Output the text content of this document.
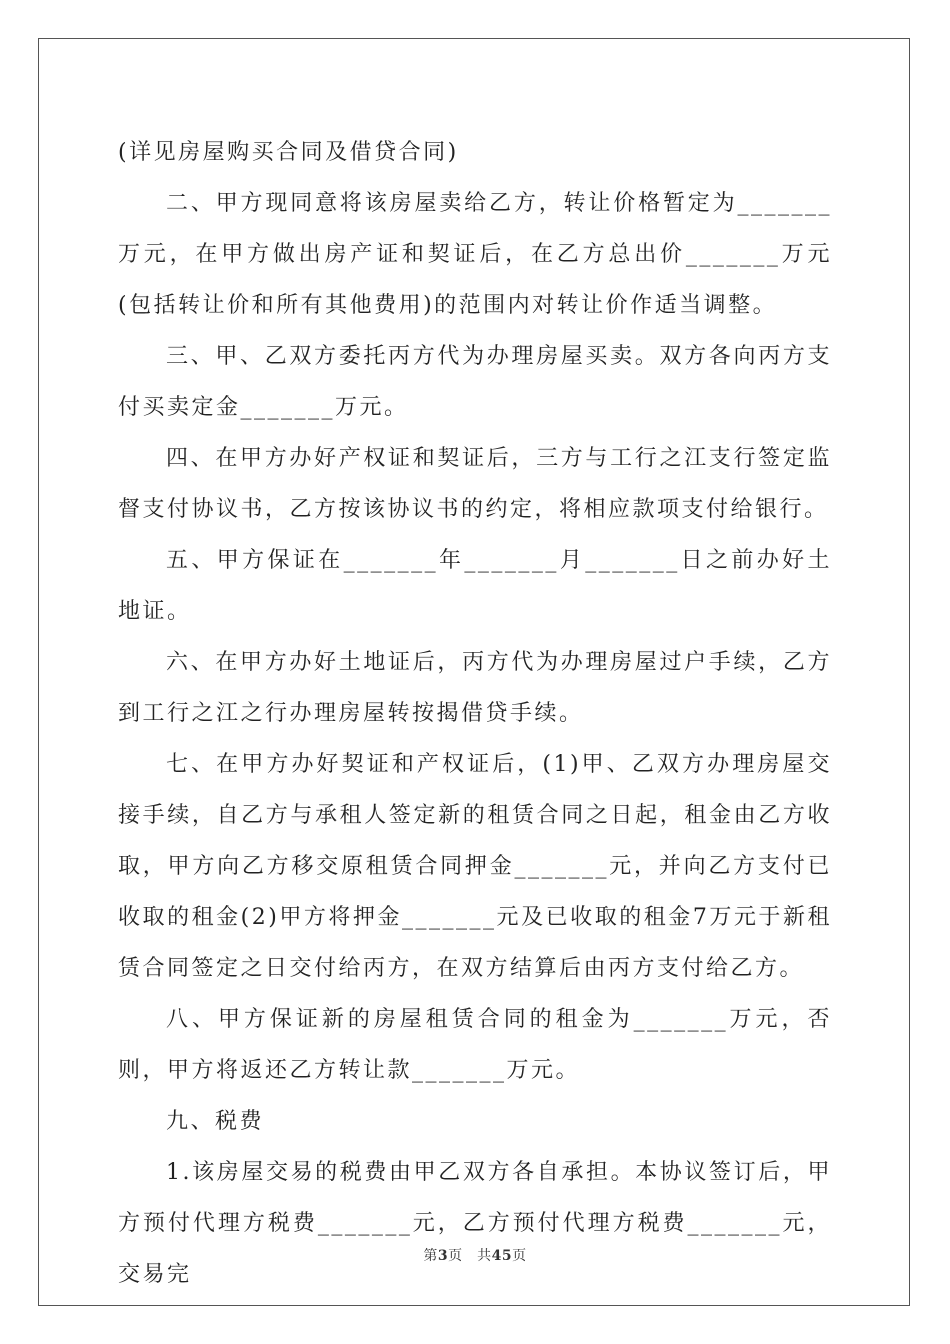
(详见房屋购买合同及借贷合同)

二、甲方现同意将该房屋卖给乙方，转让价格暂定为_______万元，在甲方做出房产证和契证后，在乙方总出价_______万元(包括转让价和所有其他费用)的范围内对转让价作适当调整。

三、甲、乙双方委托丙方代为办理房屋买卖。双方各向丙方支付买卖定金_______万元。

四、在甲方办好产权证和契证后，三方与工行之江支行签定监督支付协议书，乙方按该协议书的约定，将相应款项支付给银行。

五、甲方保证在_______年_______月_______日之前办好土地证。

六、在甲方办好土地证后，丙方代为办理房屋过户手续，乙方到工行之江之行办理房屋转按揭借贷手续。

七、在甲方办好契证和产权证后，(1)甲、乙双方办理房屋交接手续，自乙方与承租人签定新的租赁合同之日起，租金由乙方收取，甲方向乙方移交原租赁合同押金_______元，并向乙方支付已收取的租金(2)甲方将押金_______元及已收取的租金7万元于新租赁合同签定之日交付给丙方，在双方结算后由丙方支付给乙方。

八、甲方保证新的房屋租赁合同的租金为_______万元，否则，甲方将返还乙方转让款_______万元。

九、税费

1.该房屋交易的税费由甲乙双方各自承担。本协议签订后，甲方预付代理方税费_______元，乙方预付代理方税费_______元，交易完

第3页　共45页
